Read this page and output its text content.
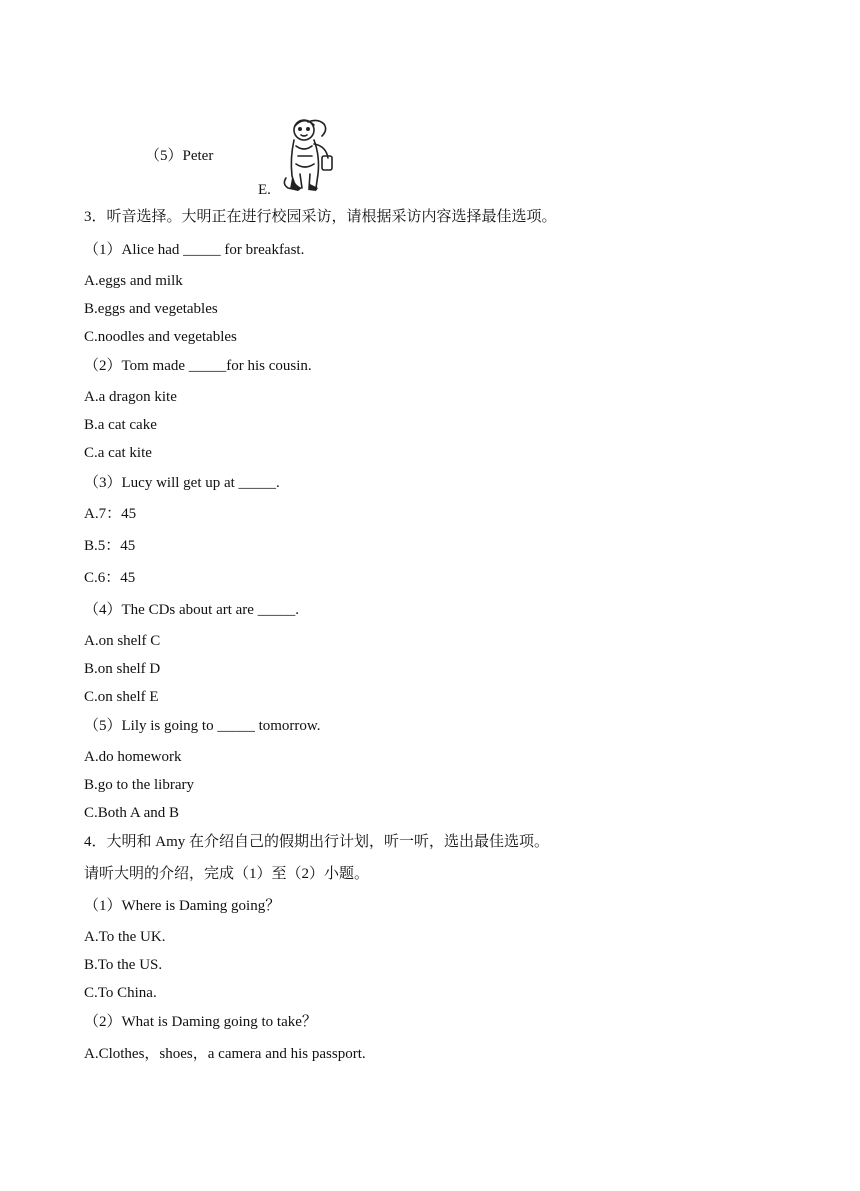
（5）Peter
E.
3．听音选择。大明正在进行校园采访，请根据采访内容选择最佳选项。
（1）Alice had _____ for breakfast.
A.eggs and milk
B.eggs and vegetables
C.noodles and vegetables
（2）Tom made _____for his cousin.
A.a dragon kite
B.a cat cake
C.a cat kite
（3）Lucy will get up at _____.
A.7：45
B.5：45
C.6：45
（4）The CDs about art are _____.
A.on shelf C
B.on shelf D
C.on shelf E
（5）Lily is going to _____ tomorrow.
A.do homework
B.go to the library
C.Both A and B
4．大明和 Amy 在介绍自己的假期出行计划，听一听，选出最佳选项。
请听大明的介绍，完成（1）至（2）小题。
（1）Where is Daming going？
A.To the UK.
B.To the US.
C.To China.
（2）What is Daming going to take？
A.Clothes，shoes，a camera and his passport.
